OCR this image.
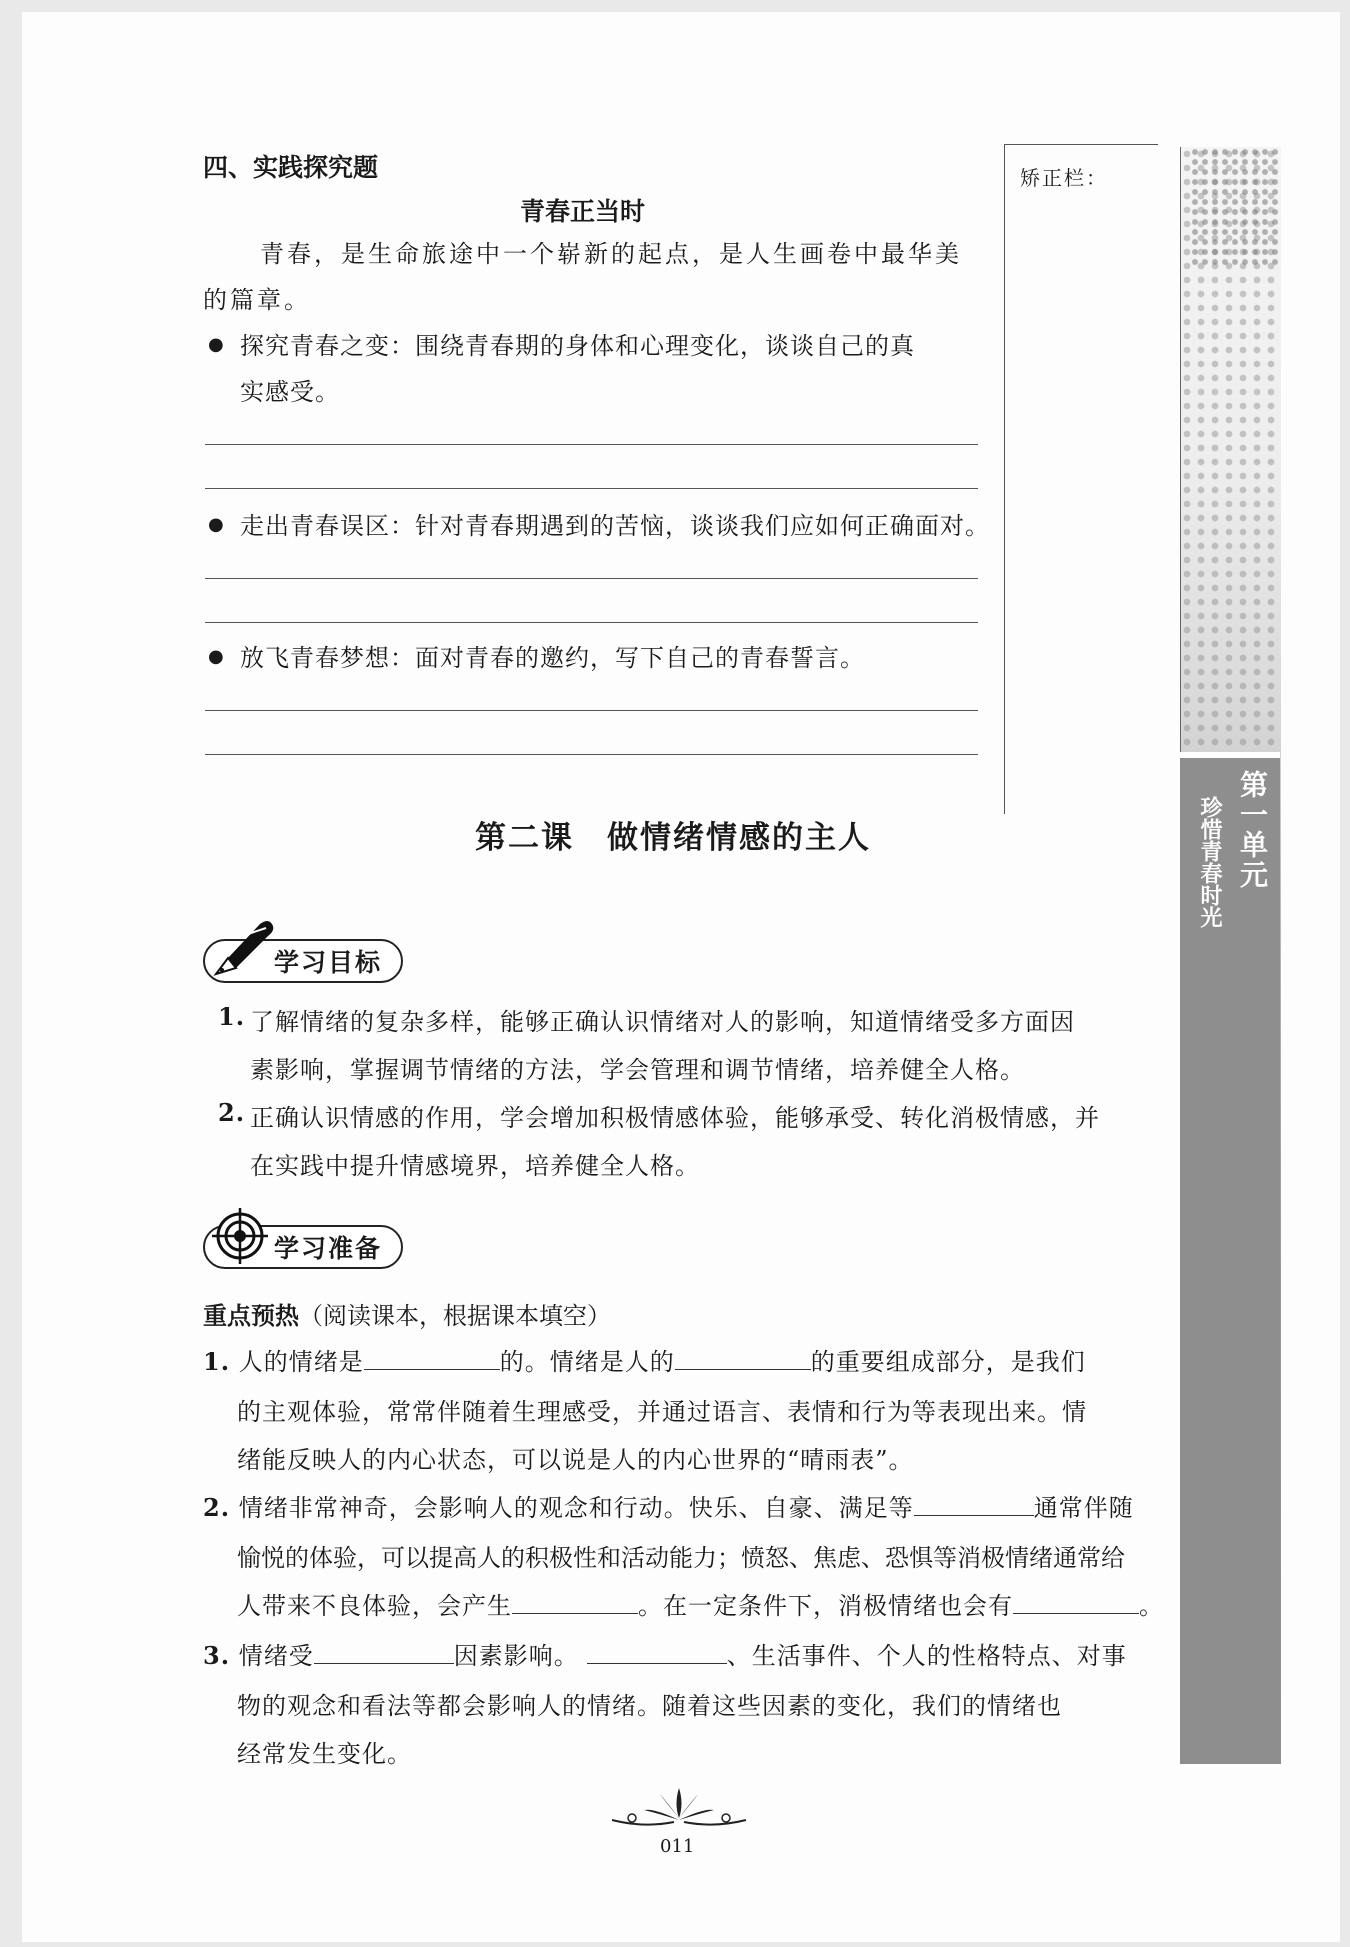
四、实践探究题
青春正当时
青春，是生命旅途中一个崭新的起点，是人生画卷中最华美
的篇章。
● 探究青春之变：围绕青春期的身体和心理变化，谈谈自己的真
实感受。
● 走出青春误区：针对青春期遇到的苦恼，谈谈我们应如何正确面对。
● 放飞青春梦想：面对青春的邀约，写下自己的青春誓言。
矫正栏：
第一单元
珍惜青春时光
第二课　做情绪情感的主人
学习目标
1. 了解情绪的复杂多样，能够正确认识情绪对人的影响，知道情绪受多方面因
素影响，掌握调节情绪的方法，学会管理和调节情绪，培养健全人格。
2. 正确认识情感的作用，学会增加积极情感体验，能够承受、转化消极情感，并
在实践中提升情感境界，培养健全人格。
学习准备
重点预热（阅读课本，根据课本填空）
1. 人的情绪是	的。情绪是人的	的重要组成部分，是我们
的主观体验，常常伴随着生理感受，并通过语言、表情和行为等表现出来。情
绪能反映人的内心状态，可以说是人的内心世界的“晴雨表”。
2. 情绪非常神奇，会影响人的观念和行动。快乐、自豪、满足等	通常伴随
愉悦的体验，可以提高人的积极性和活动能力；愤怒、焦虑、恐惧等消极情绪通常给
人带来不良体验，会产生	。在一定条件下，消极情绪也会有	。
3. 情绪受	因素影响。	、生活事件、个人的性格特点、对事
物的观念和看法等都会影响人的情绪。随着这些因素的变化，我们的情绪也
经常发生变化。
011
